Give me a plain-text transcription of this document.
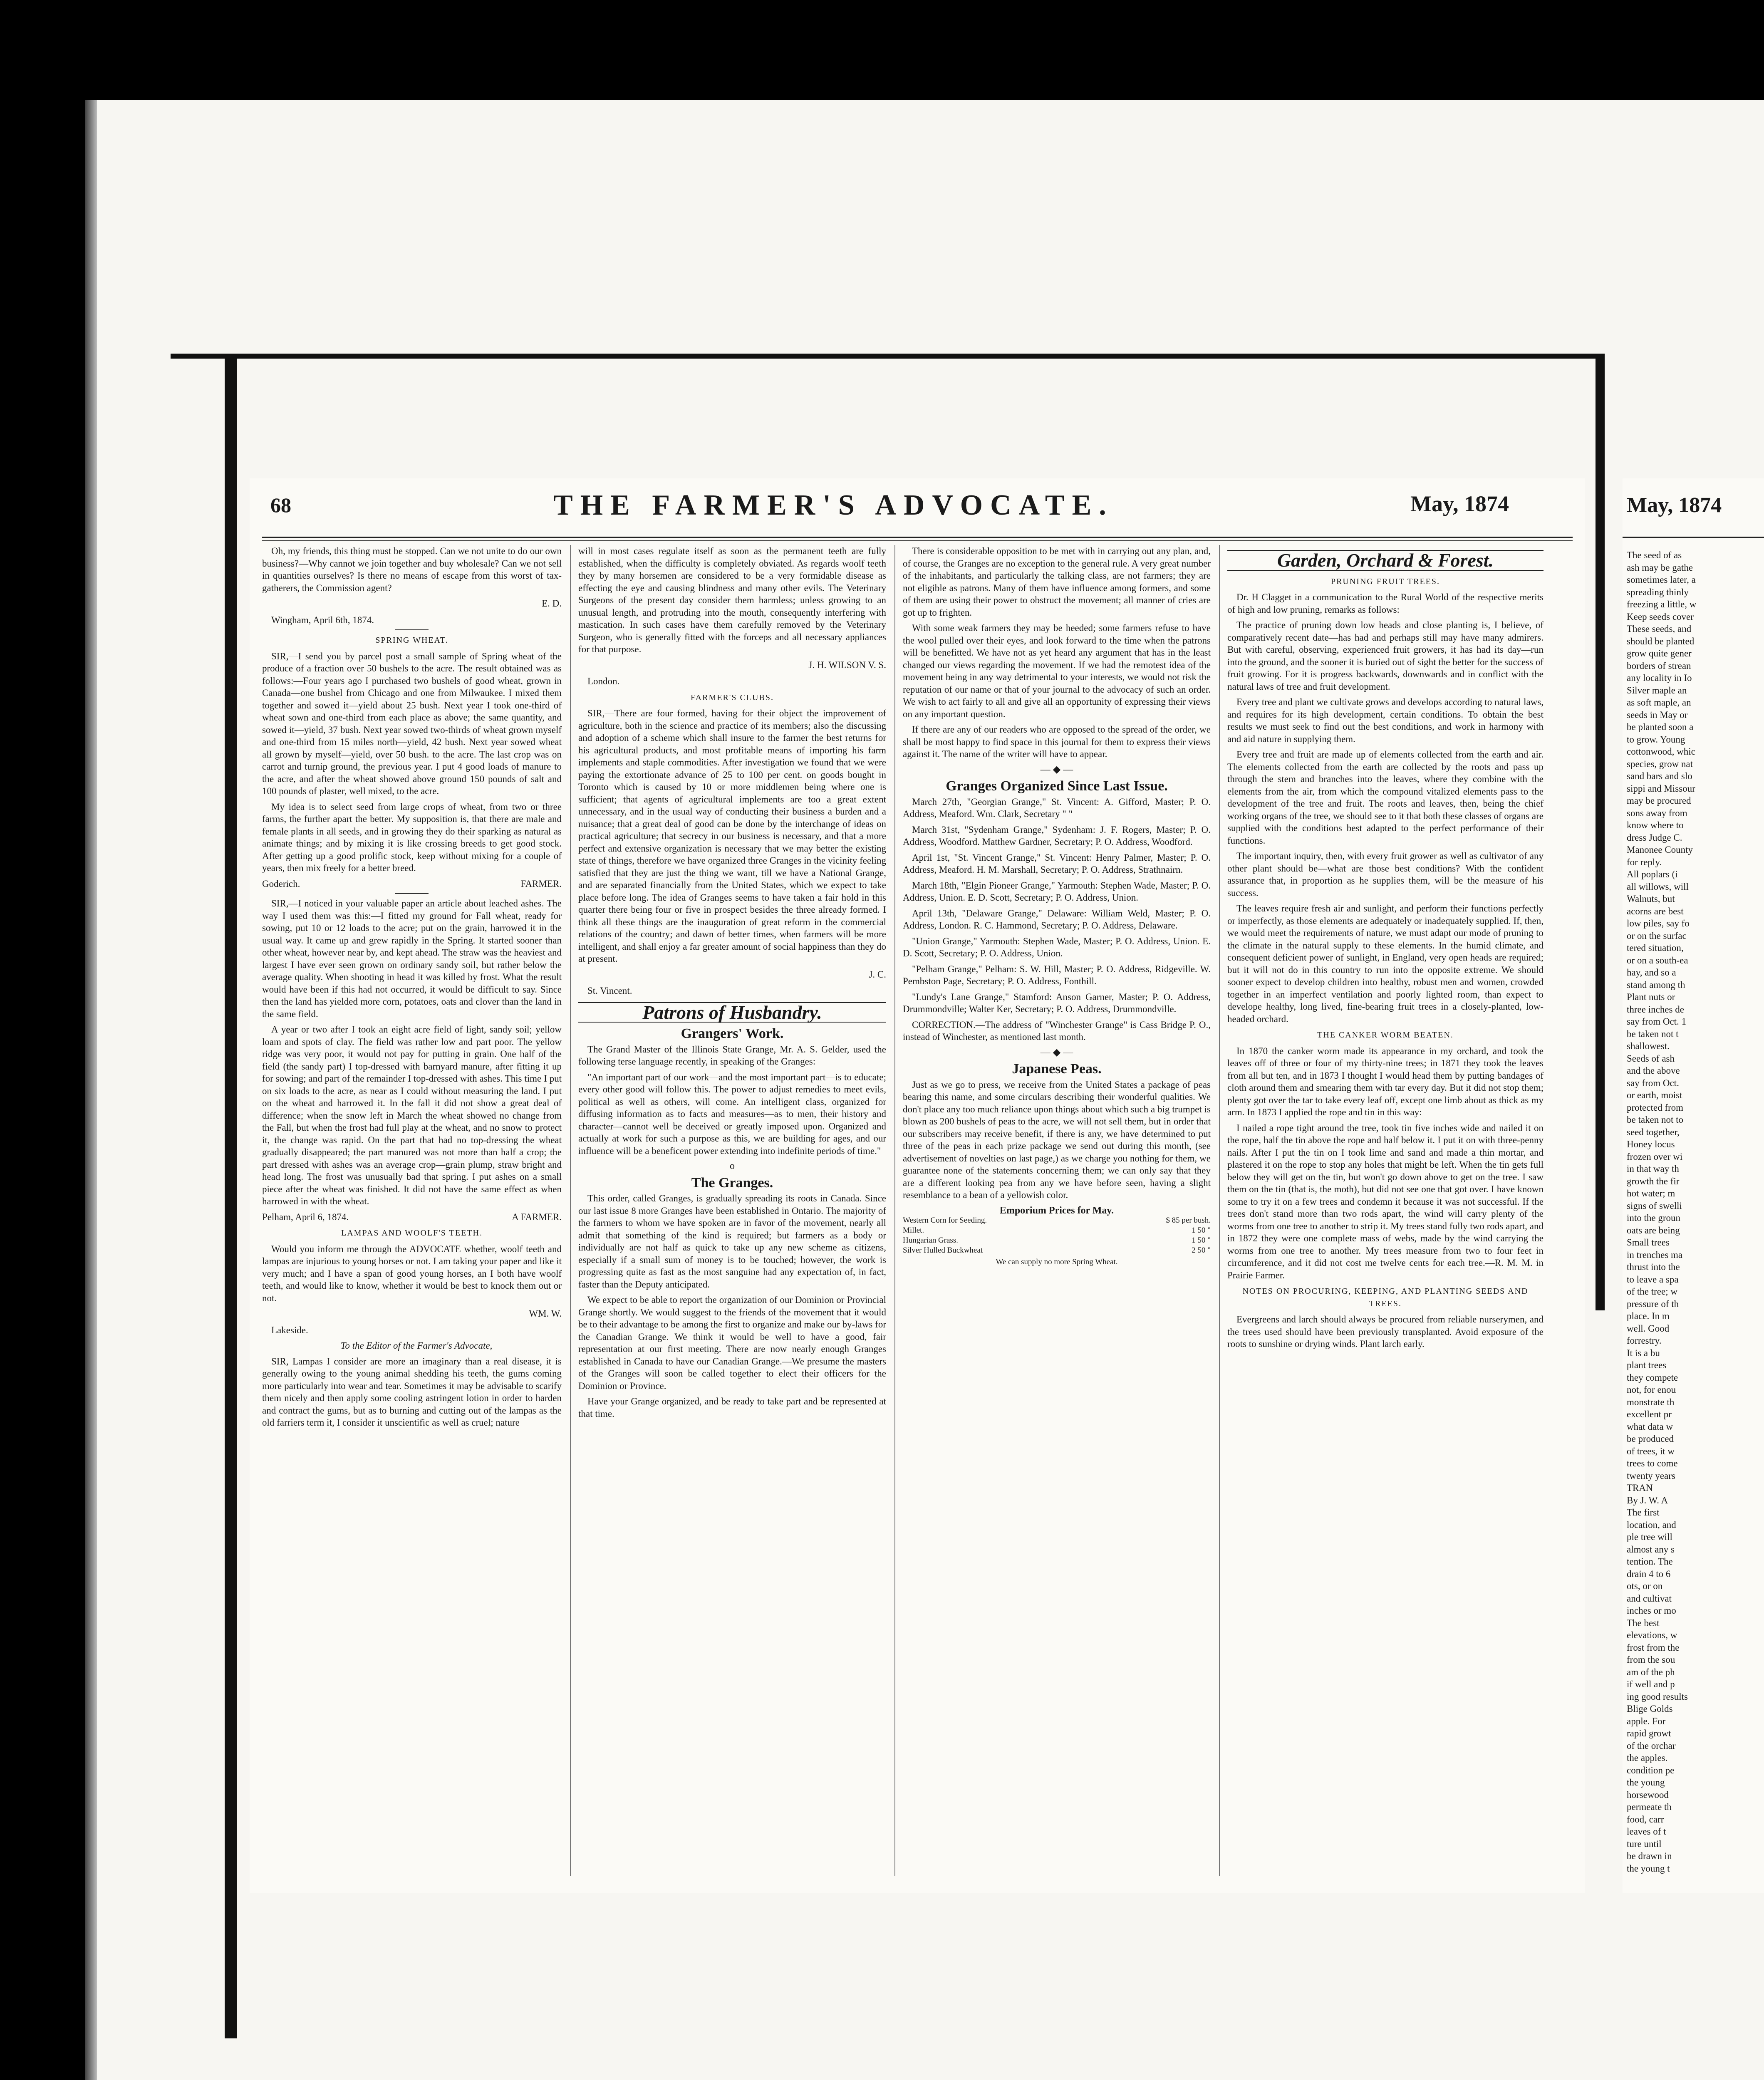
68	THE FARMER'S ADVOCATE.	May, 1874

Oh, my friends, this thing must be stopped. Can we not unite to do our own business?—Why cannot we join together and buy wholesale? Can we not sell in quantities ourselves? Is there no means of escape from this worst of tax-gatherers, the Commission agent?

E. D.

Wingham, April 6th, 1874.

SPRING WHEAT.

SIR,—I send you by parcel post a small sample of Spring wheat of the produce of a fraction over 50 bushels to the acre. The result obtained was as follows:—Four years ago I purchased two bushels of good wheat, grown in Canada—one bushel from Chicago and one from Milwaukee. I mixed them together and sowed it—yield about 25 bush. Next year I took one-third of wheat sown and one-third from each place as above; the same quantity, and sowed it—yield, 37 bush. Next year sowed two-thirds of wheat grown myself and one-third from 15 miles north—yield, 42 bush. Next year sowed wheat all grown by myself—yield, over 50 bush. to the acre. The last crop was on carrot and turnip ground, the previous year. I put 4 good loads of manure to the acre, and after the wheat showed above ground 150 pounds of salt and 100 pounds of plaster, well mixed, to the acre.

My idea is to select seed from large crops of wheat, from two or three farms, the further apart the better. My supposition is, that there are male and female plants in all seeds, and in growing they do their sparking as natural as animate things; and by mixing it is like crossing breeds to get good stock. After getting up a good prolific stock, keep without mixing for a couple of years, then mix freely for a better breed.

Goderich.	FARMER.

SIR,—I noticed in your valuable paper an article about leached ashes. The way I used them was this:—I fitted my ground for Fall wheat, ready for sowing, put 10 or 12 loads to the acre; put on the grain, harrowed it in the usual way. It came up and grew rapidly in the Spring. It started sooner than other wheat, however near by, and kept ahead. The straw was the heaviest and largest I have ever seen grown on ordinary sandy soil, but rather below the average quality. When shooting in head it was killed by frost. What the result would have been if this had not occurred, it would be difficult to say. Since then the land has yielded more corn, potatoes, oats and clover than the land in the same field.

A year or two after I took an eight acre field of light, sandy soil; yellow loam and spots of clay. The field was rather low and part poor. The yellow ridge was very poor, it would not pay for putting in grain. One half of the field (the sandy part) I top-dressed with barnyard manure, after fitting it up for sowing; and part of the remainder I top-dressed with ashes. This time I put on six loads to the acre, as near as I could without measuring the land. I put on the wheat and harrowed it. In the fall it did not show a great deal of difference; when the snow left in March the wheat showed no change from the Fall, but when the frost had full play at the wheat, and no snow to protect it, the change was rapid. On the part that had no top-dressing the wheat gradually disappeared; the part manured was not more than half a crop; the part dressed with ashes was an average crop—grain plump, straw bright and head long. The frost was unusually bad that spring. I put ashes on a small piece after the wheat was finished. It did not have the same effect as when harrowed in with the wheat.

Pelham, April 6, 1874.	A FARMER.
LAMPAS AND WOOLF'S TEETH.

Would you inform me through the ADVOCATE whether, woolf teeth and lampas are injurious to young horses or not. I am taking your paper and like it very much; and I have a span of good young horses, an I both have woolf teeth, and would like to know, whether it would be best to knock them out or not.

WM. W.

Lakeside.

To the Editor of the Farmer's Advocate,

SIR, Lampas I consider are more an imaginary than a real disease, it is generally owing to the young animal shedding his teeth, the gums coming more particularly into wear and tear. Sometimes it may be advisable to scarify them nicely and then apply some cooling astringent lotion in order to harden and contract the gums, but as to burning and cutting out of the lampas as the old farriers term it, I consider it unscientific as well as cruel; nature

will in most cases regulate itself as soon as the permanent teeth are fully established, when the difficulty is completely obviated. As regards woolf teeth they by many horsemen are considered to be a very formidable disease as effecting the eye and causing blindness and many other evils. The Veterinary Surgeons of the present day consider them harmless; unless growing to an unusual length, and protruding into the mouth, consequently interfering with mastication. In such cases have them carefully removed by the Veterinary Surgeon, who is generally fitted with the forceps and all necessary appliances for that purpose.

J. H. WILSON V. S.

London.

FARMER'S CLUBS.

SIR,—There are four formed, having for their object the improvement of agriculture, both in the science and practice of its members; also the discussing and adoption of a scheme which shall insure to the farmer the best returns for his agricultural products, and most profitable means of importing his farm implements and staple commodities. After investigation we found that we were paying the extortionate advance of 25 to 100 per cent. on goods bought in Toronto which is caused by 10 or more middlemen being where one is sufficient; that agents of agricultural implements are too a great extent unnecessary, and in the usual way of conducting their business a burden and a nuisance; that a great deal of good can be done by the interchange of ideas on practical agriculture; that secrecy in our business is necessary, and that a more perfect and extensive organization is necessary that we may better the existing state of things, therefore we have organized three Granges in the vicinity feeling satisfied that they are just the thing we want, till we have a National Grange, and are separated financially from the United States, which we expect to take place before long. The idea of Granges seems to have taken a fair hold in this quarter there being four or five in prospect besides the three already formed. I think all these things are the inauguration of great reform in the commercial relations of the country; and dawn of better times, when farmers will be more intelligent, and shall enjoy a far greater amount of social happiness than they do at present.

J. C.

St. Vincent.

Patrons of Husbandry.
Grangers' Work.

The Grand Master of the Illinois State Grange, Mr. A. S. Gelder, used the following terse language recently, in speaking of the Granges:

"An important part of our work—and the most important part—is to educate; every other good will follow this. The power to adjust remedies to meet evils, political as well as others, will come. An intelligent class, organized for diffusing information as to facts and measures—as to men, their history and character—cannot well be deceived or greatly imposed upon. Organized and actually at work for such a purpose as this, we are building for ages, and our influence will be a beneficent power extending into indefinite periods of time."

o
The Granges.

This order, called Granges, is gradually spreading its roots in Canada. Since our last issue 8 more Granges have been established in Ontario. The majority of the farmers to whom we have spoken are in favor of the movement, nearly all admit that something of the kind is required; but farmers as a body or individually are not half as quick to take up any new scheme as citizens, especially if a small sum of money is to be touched; however, the work is progressing quite as fast as the most sanguine had any expectation of, in fact, faster than the Deputy anticipated.

We expect to be able to report the organization of our Dominion or Provincial Grange shortly. We would suggest to the friends of the movement that it would be to their advantage to be among the first to organize and make our by-laws for the Canadian Grange. We think it would be well to have a good, fair representation at our first meeting. There are now nearly enough Granges established in Canada to have our Canadian Grange.—We presume the masters of the Granges will soon be called together to elect their officers for the Dominion or Province.

Have your Grange organized, and be ready to take part and be represented at that time.

There is considerable opposition to be met with in carrying out any plan, and, of course, the Granges are no exception to the general rule. A very great number of the inhabitants, and particularly the talking class, are not farmers; they are not eligible as patrons. Many of them have influence among formers, and some of them are using their power to obstruct the movement; all manner of cries are got up to frighten.

With some weak farmers they may be heeded; some farmers refuse to have the wool pulled over their eyes, and look forward to the time when the patrons will be benefitted. We have not as yet heard any argument that has in the least changed our views regarding the movement. If we had the remotest idea of the movement being in any way detrimental to your interests, we would not risk the reputation of our name or that of your journal to the advocacy of such an order. We wish to act fairly to all and give all an opportunity of expressing their views on any important question.

If there are any of our readers who are opposed to the spread of the order, we shall be most happy to find space in this journal for them to express their views against it. The name of the writer will have to appear.

— ◆ —
Granges Organized Since Last Issue.

March 27th, "Georgian Grange," St. Vincent: A. Gifford, Master; P. O. Address, Meaford. Wm. Clark, Secretary " "

March 31st, "Sydenham Grange," Sydenham: J. F. Rogers, Master; P. O. Address, Woodford. Matthew Gardner, Secretary; P. O. Address, Woodford.

April 1st, "St. Vincent Grange," St. Vincent: Henry Palmer, Master; P. O. Address, Meaford. H. M. Marshall, Secretary; P. O. Address, Strathnairn.

March 18th, "Elgin Pioneer Grange," Yarmouth: Stephen Wade, Master; P. O. Address, Union. E. D. Scott, Secretary; P. O. Address, Union.

April 13th, "Delaware Grange," Delaware: William Weld, Master; P. O. Address, London. R. C. Hammond, Secretary; P. O. Address, Delaware.

"Union Grange," Yarmouth: Stephen Wade, Master; P. O. Address, Union. E. D. Scott, Secretary; P. O. Address, Union.

"Pelham Grange," Pelham: S. W. Hill, Master; P. O. Address, Ridgeville. W. Pembston Page, Secretary; P. O. Address, Fonthill.

"Lundy's Lane Grange," Stamford: Anson Garner, Master; P. O. Address, Drummondville; Walter Ker, Secretary; P. O. Address, Drummondville.

CORRECTION.—The address of "Winchester Grange" is Cass Bridge P. O., instead of Winchester, as mentioned last month.

— ◆ —
Japanese Peas.

Just as we go to press, we receive from the United States a package of peas bearing this name, and some circulars describing their wonderful qualities. We don't place any too much reliance upon things about which such a big trumpet is blown as 200 bushels of peas to the acre, we will not sell them, but in order that our subscribers may receive benefit, if there is any, we have determined to put three of the peas in each prize package we send out during this month, (see advertisement of novelties on last page,) as we charge you nothing for them, we guarantee none of the statements concerning them; we can only say that they are a different looking pea from any we have before seen, having a slight resemblance to a bean of a yellowish color.

Emporium Prices for May.
Western Corn for Seeding.	$ 85 per bush.
Millet.	1 50 "
Hungarian Grass.	1 50 "
Silver Hulled Buckwheat	2 50 "
We can supply no more Spring Wheat.
Garden, Orchard & Forest.
PRUNING FRUIT TREES.

Dr. H Clagget in a communication to the Rural World of the respective merits of high and low pruning, remarks as follows:

The practice of pruning down low heads and close planting is, I believe, of comparatively recent date—has had and perhaps still may have many admirers. But with careful, observing, experienced fruit growers, it has had its day—run into the ground, and the sooner it is buried out of sight the better for the success of fruit growing. For it is progress backwards, downwards and in conflict with the natural laws of tree and fruit development.

Every tree and plant we cultivate grows and develops according to natural laws, and requires for its high development, certain conditions. To obtain the best results we must seek to find out the best conditions, and work in harmony with and aid nature in supplying them.

Every tree and fruit are made up of elements collected from the earth and air. The elements collected from the earth are collected by the roots and pass up through the stem and branches into the leaves, where they combine with the elements from the air, from which the compound vitalized elements pass to the development of the tree and fruit. The roots and leaves, then, being the chief working organs of the tree, we should see to it that both these classes of organs are supplied with the conditions best adapted to the perfect performance of their functions.

The important inquiry, then, with every fruit grower as well as cultivator of any other plant should be—what are those best conditions? With the confident assurance that, in proportion as he supplies them, will be the measure of his success.

The leaves require fresh air and sunlight, and perform their functions perfectly or imperfectly, as those elements are adequately or inadequately supplied. If, then, we would meet the requirements of nature, we must adapt our mode of pruning to the climate in the natural supply to these elements. In the humid climate, and consequent deficient power of sunlight, in England, very open heads are required; but it will not do in this country to run into the opposite extreme. We should sooner expect to develop children into healthy, robust men and women, crowded together in an imperfect ventilation and poorly lighted room, than expect to develope healthy, long lived, fine-bearing fruit trees in a closely-planted, low-headed orchard.

THE CANKER WORM BEATEN.

In 1870 the canker worm made its appearance in my orchard, and took the leaves off of three or four of my thirty-nine trees; in 1871 they took the leaves from all but ten, and in 1873 I thought I would head them by putting bandages of cloth around them and smearing them with tar every day. But it did not stop them; plenty got over the tar to take every leaf off, except one limb about as thick as my arm. In 1873 I applied the rope and tin in this way:

I nailed a rope tight around the tree, took tin five inches wide and nailed it on the rope, half the tin above the rope and half below it. I put it on with three-penny nails. After I put the tin on I took lime and sand and made a thin mortar, and plastered it on the rope to stop any holes that might be left. When the tin gets full below they will get on the tin, but won't go down above to get on the tree. I saw them on the tin (that is, the moth), but did not see one that got over. I have known some to try it on a few trees and condemn it because it was not successful. If the trees don't stand more than two rods apart, the wind will carry plenty of the worms from one tree to another to strip it. My trees stand fully two rods apart, and in 1872 they were one complete mass of webs, made by the wind carrying the worms from one tree to another. My trees measure from two to four feet in circumference, and it did not cost me twelve cents for each tree.—R. M. M. in Prairie Farmer.

NOTES ON PROCURING, KEEPING, AND PLANTING SEEDS AND TREES.

Evergreens and larch should always be procured from reliable nurserymen, and the trees used should have been previously transplanted. Avoid exposure of the roots to sunshine or drying winds. Plant larch early.

May, 1874
The seed of as
ash may be gathe
sometimes later, a
spreading thinly
freezing a little, w
Keep seeds cover
These seeds, and
should be planted
grow quite gener
borders of strean
any locality in Io
Silver maple an
as soft maple, an
seeds in May or
be planted soon a
to grow. Young
cottonwood, whic
species, grow nat
sand bars and slo
sippi and Missour
may be procured
sons away from
know where to
dress Judge C.
Manonee County
for reply.
All poplars (i
all willows, will
Walnuts, but
acorns are best
low piles, say fo
or on the surfac
tered situation,
or on a south-ea
hay, and so a
stand among th
Plant nuts or
three inches de
say from Oct. 1
be taken not t
shallowest.
Seeds of ash
and the above
say from Oct.
or earth, moist
protected from
be taken not to
seed together,
Honey locus
frozen over wi
in that way th
growth the fir
hot water; m
signs of swelli
into the groun
oats are being
Small trees
in trenches ma
thrust into the
to leave a spa
of the tree; w
pressure of th
place. In m
well. Good
forrestry.
It is a bu
plant trees
they compete
not, for enou
monstrate th
excellent pr
what data w
be produced
of trees, it w
trees to come
twenty years
TRAN
By J. W. A
The first
location, and
ple tree will
almost any s
tention. The
drain 4 to 6
ots, or on
and cultivat
inches or mo
The best
elevations, w
frost from the
from the sou
am of the ph
if well and p
ing good results
Blige Golds
apple. For
rapid growt
of the orchar
the apples.
condition pe
the young
horsewood
permeate th
food, carr
leaves of t
ture until
be drawn in
the young t
